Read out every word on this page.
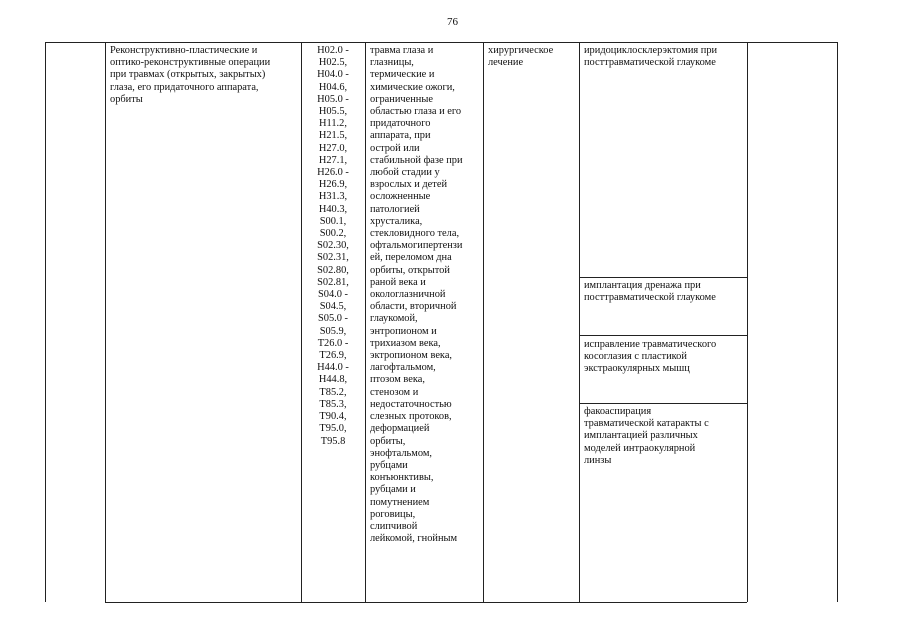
76
Реконструктивно-пластические и
оптико-реконструктивные операции
при травмах (открытых, закрытых)
глаза, его придаточного аппарата,
орбиты
H02.0 -
H02.5,
H04.0 -
H04.6,
H05.0 -
H05.5,
H11.2,
H21.5,
H27.0,
H27.1,
H26.0 -
H26.9,
H31.3,
H40.3,
S00.1,
S00.2,
S02.30,
S02.31,
S02.80,
S02.81,
S04.0 -
S04.5,
S05.0 -
S05.9,
T26.0 -
T26.9,
H44.0 -
H44.8,
T85.2,
T85.3,
T90.4,
T95.0,
T95.8
травма глаза и
глазницы,
термические и
химические ожоги,
ограниченные
областью глаза и его
придаточного
аппарата, при
острой или
стабильной фазе при
любой стадии у
взрослых и детей
осложненные
патологией
хрусталика,
стекловидного тела,
офтальмогипертензи
ей, переломом дна
орбиты, открытой
раной века и
окологлазничной
области, вторичной
глаукомой,
энтропионом и
трихиазом века,
эктропионом века,
лагофтальмом,
птозом века,
стенозом и
недостаточностью
слезных протоков,
деформацией
орбиты,
энофтальмом,
рубцами
конъюнктивы,
рубцами и
помутнением
роговицы,
слипчивой
лейкомой, гнойным
хирургическое
лечение
иридоциклосклерэктомия при
посттравматической глаукоме
имплантация дренажа при
посттравматической глаукоме
исправление травматического
косоглазия с пластикой
экстраокулярных мышц
факоаспирация
травматической катаракты с
имплантацией различных
моделей интраокулярной
линзы
